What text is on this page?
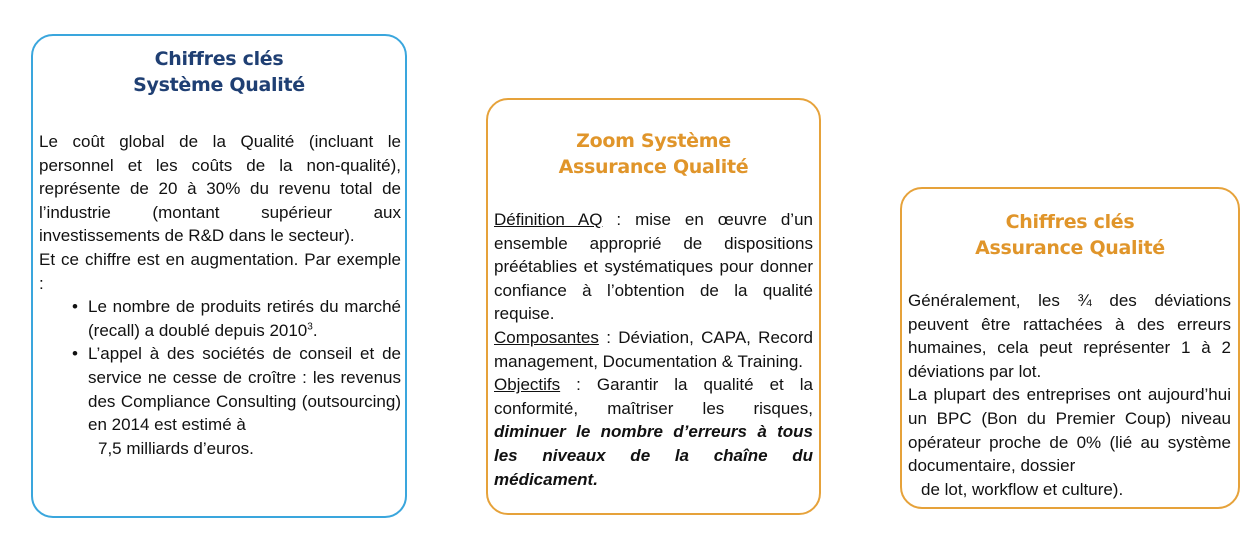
Chiffres clés
Système Qualité

Le coût global de la Qualité (incluant le personnel et les coûts de la non-qualité), représente de 20 à 30% du revenu total de l’industrie (montant supérieur aux investissements de R&D dans le secteur).

Et ce chiffre est en augmentation. Par exemple :

• Le nombre de produits retirés du marché (recall) a doublé depuis 2010$^3$.
• L’appel à des sociétés de conseil et de service ne cesse de croître : les revenus des Compliance Consulting (outsourcing) en 2014 est estimé à
7,5 milliards d’euros.
Zoom Système
Assurance Qualité

Définition AQ : mise en œuvre d’un ensemble approprié de dispositions préétablies et systématiques pour donner confiance à l’obtention de la qualité requise.

Composantes : Déviation, CAPA, Record management, Documentation & Training.

Objectifs : Garantir la qualité et la conformité, maîtriser les risques, diminuer le nombre d’erreurs à tous les niveaux de la chaîne du médicament.

Chiffres clés
Assurance Qualité

Généralement, les ¾ des déviations peuvent être rattachées à des erreurs humaines, cela peut représenter 1 à 2 déviations par lot.

La plupart des entreprises ont aujourd’hui un BPC (Bon du Premier Coup) niveau opérateur proche de 0% (lié au système documentaire, dossier
de lot, workflow et culture).
